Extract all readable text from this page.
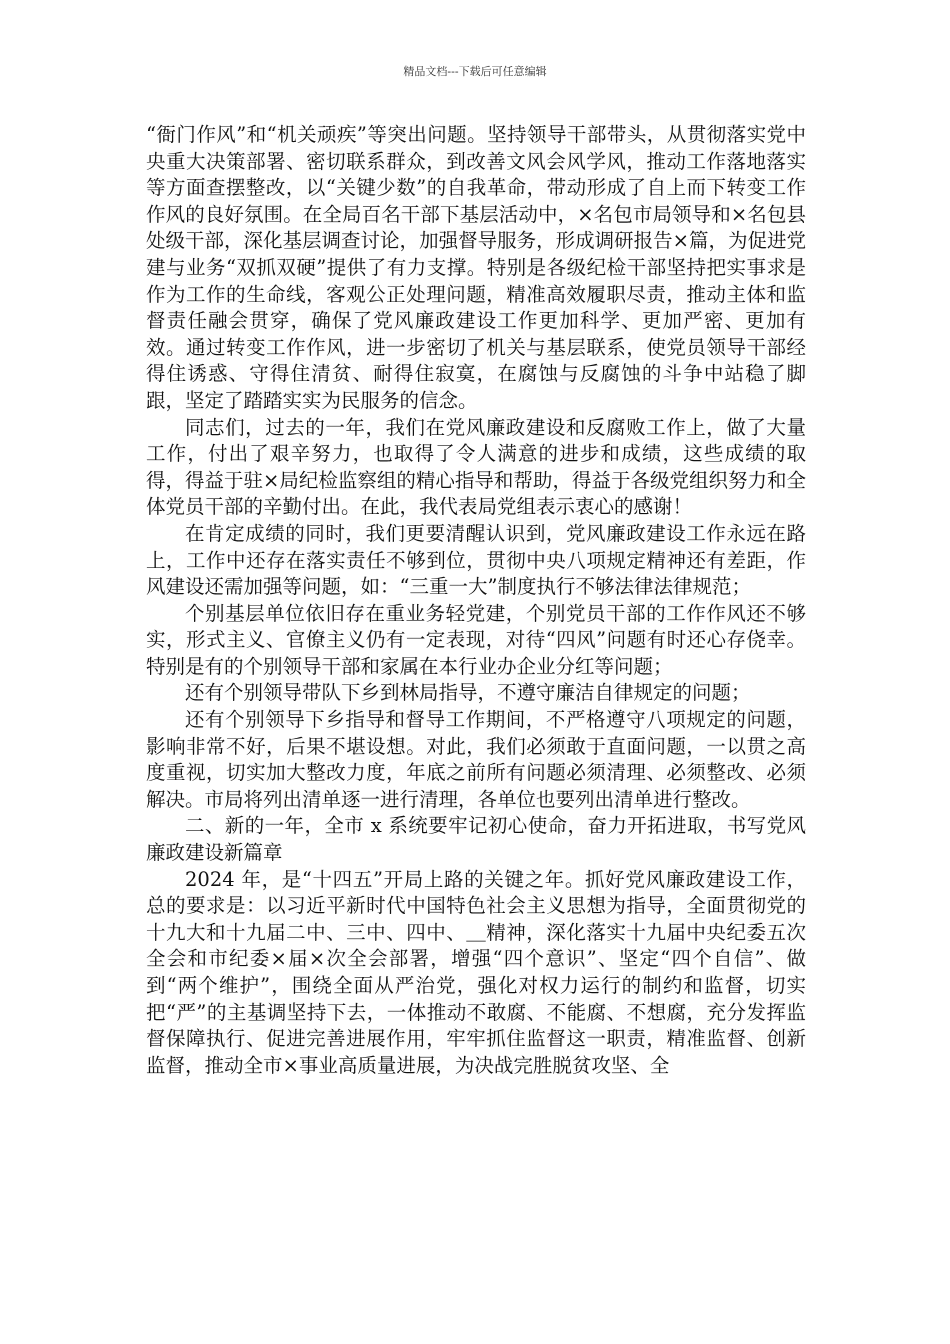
精品文档---下载后可任意编辑

“衙门作风”和“机关顽疾”等突出问题。坚持领导干部带头，从贯彻落实党中央重大决策部署、密切联系群众，到改善文风会风学风，推动工作落地落实等方面查摆整改，以“关键少数”的自我革命，带动形成了自上而下转变工作作风的良好氛围。在全局百名干部下基层活动中，×名包市局领导和×名包县处级干部，深化基层调查讨论，加强督导服务，形成调研报告×篇，为促进党建与业务“双抓双硬”提供了有力支撑。特别是各级纪检干部坚持把实事求是作为工作的生命线，客观公正处理问题，精准高效履职尽责，推动主体和监督责任融会贯穿，确保了党风廉政建设工作更加科学、更加严密、更加有效。通过转变工作作风，进一步密切了机关与基层联系，使党员领导干部经得住诱惑、守得住清贫、耐得住寂寞，在腐蚀与反腐蚀的斗争中站稳了脚跟，坚定了踏踏实实为民服务的信念。

同志们，过去的一年，我们在党风廉政建设和反腐败工作上，做了大量工作，付出了艰辛努力，也取得了令人满意的进步和成绩，这些成绩的取得，得益于驻×局纪检监察组的精心指导和帮助，得益于各级党组织努力和全体党员干部的辛勤付出。在此，我代表局党组表示衷心的感谢！

在肯定成绩的同时，我们更要清醒认识到，党风廉政建设工作永远在路上，工作中还存在落实责任不够到位，贯彻中央八项规定精神还有差距，作风建设还需加强等问题，如：“三重一大”制度执行不够法律法律规范；

个别基层单位依旧存在重业务轻党建，个别党员干部的工作作风还不够实，形式主义、官僚主义仍有一定表现，对待“四风”问题有时还心存侥幸。特别是有的个别领导干部和家属在本行业办企业分红等问题；

还有个别领导带队下乡到林局指导，不遵守廉洁自律规定的问题；

还有个别领导下乡指导和督导工作期间，不严格遵守八项规定的问题，影响非常不好，后果不堪设想。对此，我们必须敢于直面问题，一以贯之高度重视，切实加大整改力度，年底之前所有问题必须清理、必须整改、必须解决。市局将列出清单逐一进行清理，各单位也要列出清单进行整改。

二、新的一年，全市 x 系统要牢记初心使命，奋力开拓进取，书写党风廉政建设新篇章

2024 年，是“十四五”开局上路的关键之年。抓好党风廉政建设工作，总的要求是：以习近平新时代中国特色社会主义思想为指导，全面贯彻党的十九大和十九届二中、三中、四中、＿精神，深化落实十九届中央纪委五次全会和市纪委×届×次全会部署，增强“四个意识”、坚定“四个自信”、做到“两个维护”，围绕全面从严治党，强化对权力运行的制约和监督，切实把“严”的主基调坚持下去，一体推动不敢腐、不能腐、不想腐，充分发挥监督保障执行、促进完善进展作用，牢牢抓住监督这一职责，精准监督、创新监督，推动全市×事业高质量进展，为决战完胜脱贫攻坚、全
